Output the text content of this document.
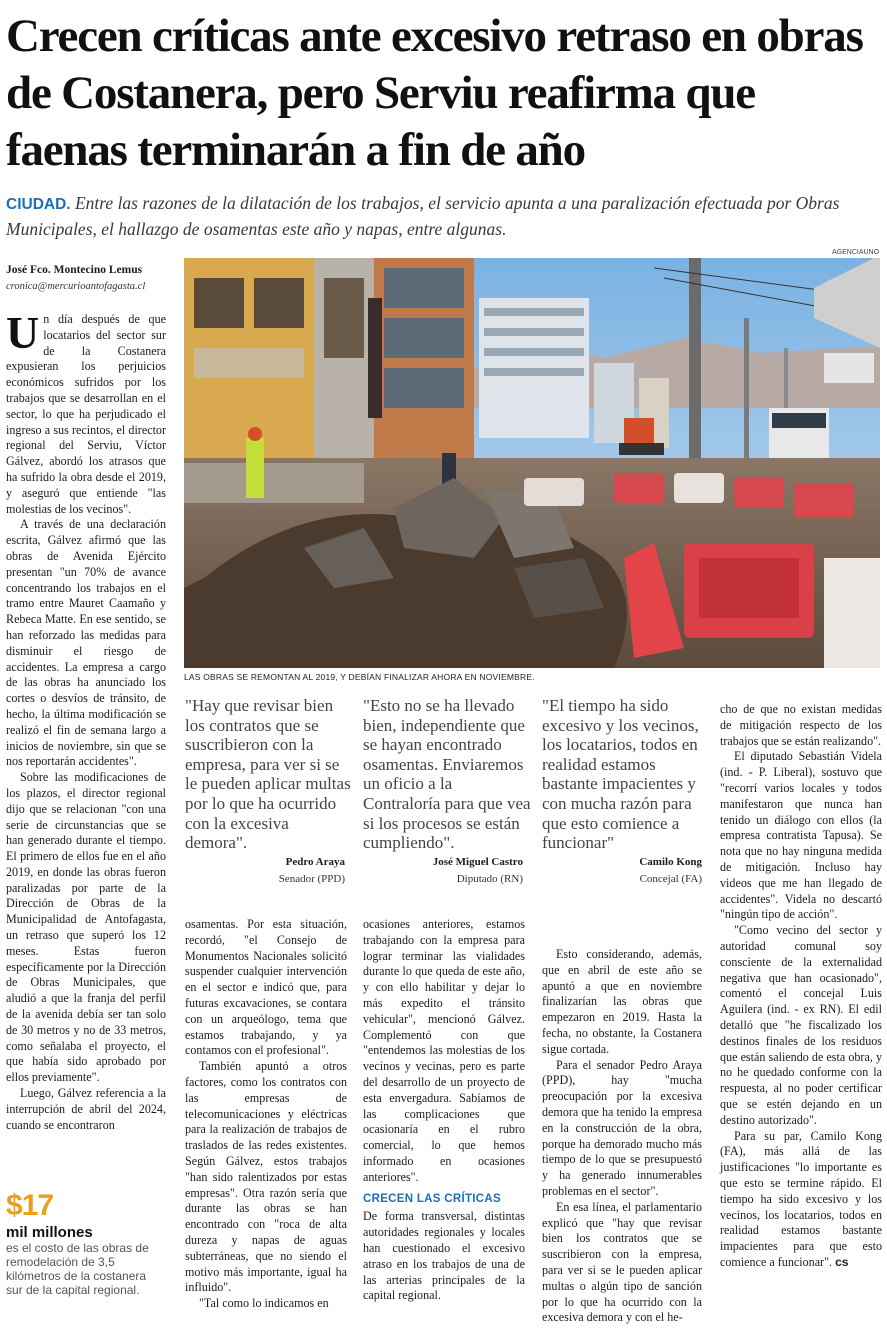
Crecen críticas ante excesivo retraso en obras de Costanera, pero Serviu reafirma que faenas terminarán a fin de año
CIUDAD. Entre las razones de la dilatación de los trabajos, el servicio apunta a una paralización efectuada por Obras Municipales, el hallazgo de osamentas este año y napas, entre algunas.
José Fco. Montecino Lemus
cronica@mercurioantofagasta.cl
AGENCIAUNO
LAS OBRAS SE REMONTAN AL 2019, Y DEBÍAN FINALIZAR AHORA EN NOVIEMBRE.

Un día después de que locatarios del sector sur de la Costanera expusieran los perjuicios económicos sufridos por los trabajos que se desarrollan en el sector, lo que ha perjudicado el ingreso a sus recintos, el director regional del Serviu, Víctor Gálvez, abordó los atrasos que ha sufrido la obra desde el 2019, y aseguró que entiende "las molestias de los vecinos".

A través de una declaración escrita, Gálvez afirmó que las obras de Avenida Ejército presentan "un 70% de avance concentrando los trabajos en el tramo entre Mauret Caamaño y Rebeca Matte. En ese sentido, se han reforzado las medidas para disminuir el riesgo de accidentes. La empresa a cargo de las obras ha anunciado los cortes o desvíos de tránsito, de hecho, la última modificación se realizó el fin de semana largo a inicios de noviembre, sin que se nos reportarán accidentes".

Sobre las modificaciones de los plazos, el director regional dijo que se relacionan "con una serie de circunstancias que se han generado durante el tiempo. El primero de ellos fue en el año 2019, en donde las obras fueron paralizadas por parte de la Dirección de Obras de la Municipalidad de Antofagasta, un retraso que superó los 12 meses. Estas fueron específicamente por la Dirección de Obras Municipales, que aludió a que la franja del perfil de la avenida debía ser tan solo de 30 metros y no de 33 metros, como señalaba el proyecto, el que había sido aprobado por ellos previamente".

Luego, Gálvez referencia a la interrupción de abril del 2024, cuando se encontraron

$17
mil millones
es el costo de las obras de remodelación de 3,5 kilómetros de la costanera sur de la capital regional.
"Hay que revisar bien los contratos que se suscribieron con la empresa, para ver si se le pueden aplicar multas por lo que ha ocurrido con la excesiva demora".
Pedro Araya
Senador (PPD)
"Esto no se ha llevado bien, independiente que se hayan encontrado osamentas. Enviaremos un oficio a la Contraloría para que vea si los procesos se están cumpliendo".
José Miguel Castro
Diputado (RN)
"El tiempo ha sido excesivo y los vecinos, los locatarios, todos en realidad estamos bastante impacientes y con mucha razón para que esto comience a funcionar"
Camilo Kong
Concejal (FA)

osamentas. Por esta situación, recordó, "el Consejo de Monumentos Nacionales solicitó suspender cualquier intervención en el sector e indicó que, para futuras excavaciones, se contara con un arqueólogo, tema que estamos trabajando, y ya contamos con el profesional".

También apuntó a otros factores, como los contratos con las empresas de telecomunicaciones y eléctricas para la realización de trabajos de traslados de las redes existentes. Según Gálvez, estos trabajos "han sido ralentizados por estas empresas". Otra razón sería que durante las obras se han encontrado con "roca de alta dureza y napas de aguas subterráneas, que no siendo el motivo más importante, igual ha influido".

"Tal como lo indicamos en

ocasiones anteriores, estamos trabajando con la empresa para lograr terminar las vialidades durante lo que queda de este año, y con ello habilitar y dejar lo más expedito el tránsito vehicular", mencionó Gálvez. Complementó con que "entendemos las molestias de los vecinos y vecinas, pero es parte del desarrollo de un proyecto de esta envergadura. Sabíamos de las complicaciones que ocasionaría en el rubro comercial, lo que hemos informado en ocasiones anteriores".

CRECEN LAS CRÍTICAS

De forma transversal, distintas autoridades regionales y locales han cuestionado el excesivo atraso en los trabajos de una de las arterias principales de la capital regional.

Esto considerando, además, que en abril de este año se apuntó a que en noviembre finalizarían las obras que empezaron en 2019. Hasta la fecha, no obstante, la Costanera sigue cortada.

Para el senador Pedro Araya (PPD), hay "mucha preocupación por la excesiva demora que ha tenido la empresa en la construcción de la obra, porque ha demorado mucho más tiempo de lo que se presupuestó y ha generado innumerables problemas en el sector".

En esa línea, el parlamentario explicó que "hay que revisar bien los contratos que se suscribieron con la empresa, para ver si se le pueden aplicar multas o algún tipo de sanción por lo que ha ocurrido con la excesiva demora y con el he-

cho de que no existan medidas de mitigación respecto de los trabajos que se están realizando".

El diputado Sebastián Videla (ind. - P. Liberal), sostuvo que "recorrí varios locales y todos manifestaron que nunca han tenido un diálogo con ellos (la empresa contratista Tapusa). Se nota que no hay ninguna medida de mitigación. Incluso hay videos que me han llegado de accidentes". Videla no descartó "ningún tipo de acción".

"Como vecino del sector y autoridad comunal soy consciente de la externalidad negativa que han ocasionado", comentó el concejal Luis Aguilera (ind. - ex RN). El edil detalló que "he fiscalizado los destinos finales de los residuos que están saliendo de esta obra, y no he quedado conforme con la respuesta, al no poder certificar que se estén dejando en un destino autorizado".

Para su par, Camilo Kong (FA), más allá de las justificaciones "lo importante es que esto se termine rápido. El tiempo ha sido excesivo y los vecinos, los locatarios, todos en realidad estamos bastante impacientes para que esto comience a funcionar". cs
